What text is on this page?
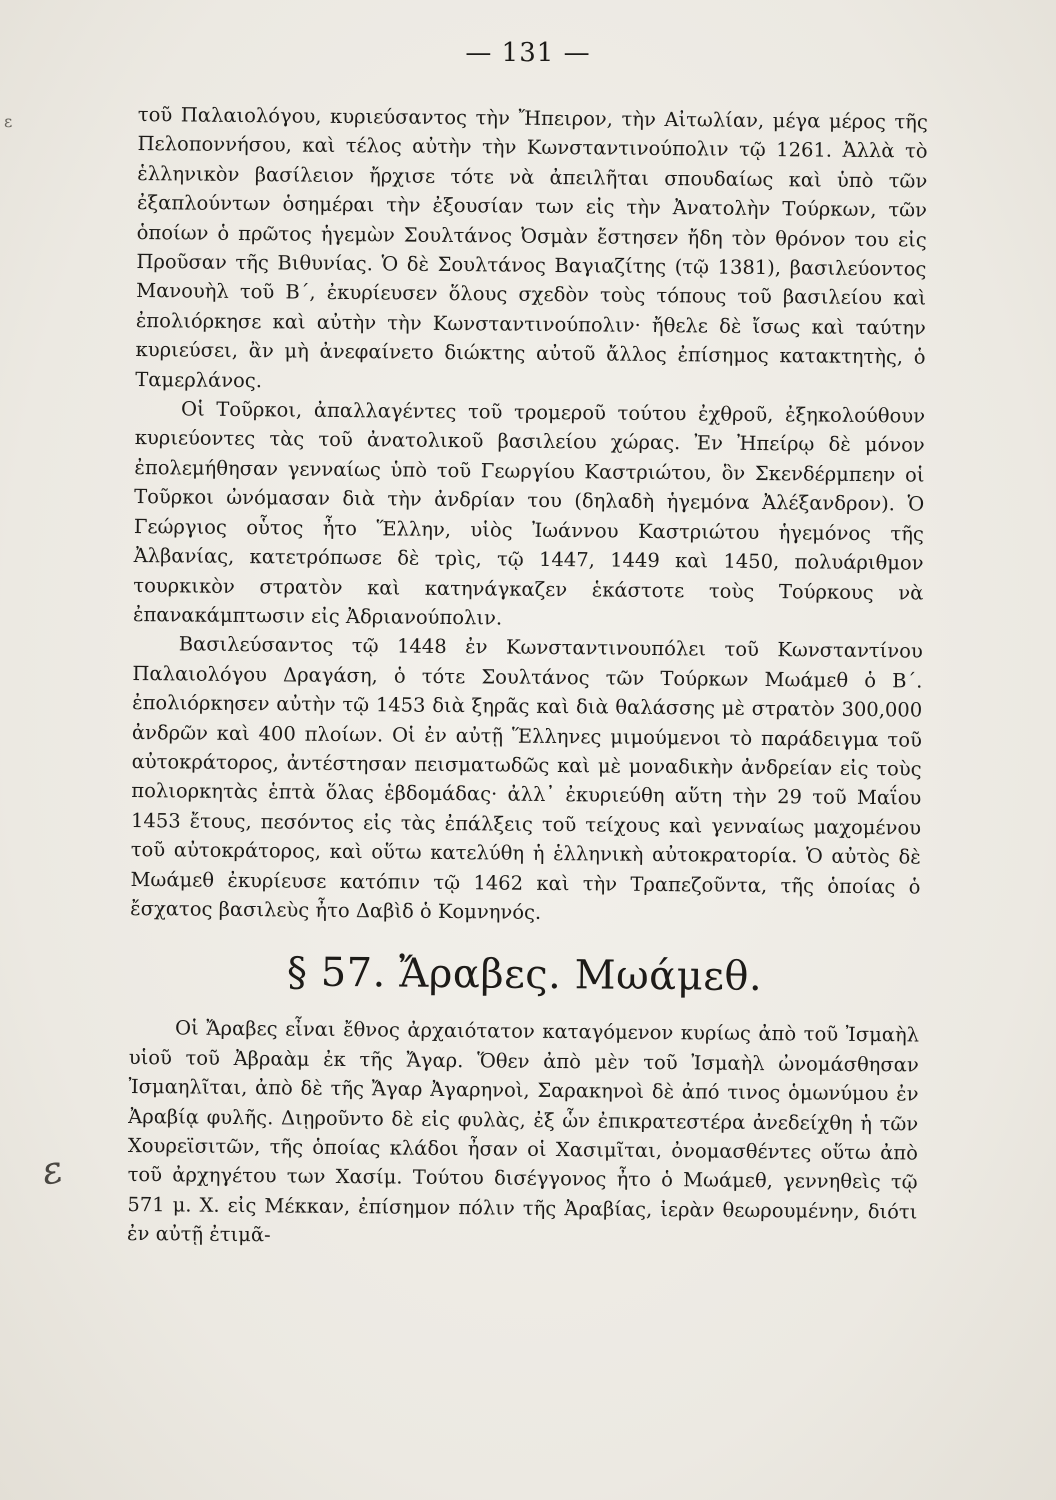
ε
— 131 —

τοῦ Παλαιολόγου, κυριεύσαντος τὴν Ἤπειρον, τὴν Αἰτωλίαν, μέγα μέρος τῆς Πελοποννήσου, καὶ τέλος αὐτὴν τὴν Κωνσταντινούπολιν τῷ 1261. Ἀλλὰ τὸ ἑλληνικὸν βασίλειον ἤρχισε τότε νὰ ἀπειλῆται σπουδαίως καὶ ὑπὸ τῶν ἐξαπλούντων ὁσημέραι τὴν ἐξουσίαν των εἰς τὴν Ἀνατολὴν Τούρκων, τῶν ὁποίων ὁ πρῶτος ἡγεμὼν Σουλτάνος Ὀσμὰν ἔστησεν ἤδη τὸν θρόνον του εἰς Προῦσαν τῆς Βιθυνίας. Ὁ δὲ Σουλτάνος Βαγιαζίτης (τῷ 1381), βασιλεύοντος Μανουὴλ τοῦ Β΄, ἐκυρίευσεν ὅλους σχεδὸν τοὺς τόπους τοῦ βασιλείου καὶ ἐπολιόρκησε καὶ αὐτὴν τὴν Κωνσταντινούπολιν· ἤθελε δὲ ἴσως καὶ ταύτην κυριεύσει, ἂν μὴ ἀνεφαίνετο διώκτης αὐτοῦ ἄλλος ἐπίσημος κατακτητὴς, ὁ Ταμερλάνος.

Οἱ Τοῦρκοι, ἀπαλλαγέντες τοῦ τρομεροῦ τούτου ἐχθροῦ, ἐξηκολούθουν κυριεύοντες τὰς τοῦ ἀνατολικοῦ βασιλείου χώρας. Ἐν Ἠπείρῳ δὲ μόνον ἐπολεμήθησαν γενναίως ὑπὸ τοῦ Γεωργίου Καστριώτου, ὃν Σκενδέρμπεην οἱ Τοῦρκοι ὠνόμασαν διὰ τὴν ἀνδρίαν του (δηλαδὴ ἡγεμόνα Ἀλέξανδρον). Ὁ Γεώργιος οὗτος ἦτο Ἕλλην, υἱὸς Ἰωάννου Καστριώτου ἡγεμόνος τῆς Ἀλβανίας, κατετρόπωσε δὲ τρὶς, τῷ 1447, 1449 καὶ 1450, πολυάριθμον τουρκικὸν στρατὸν καὶ κατηνάγκαζεν ἑκάστοτε τοὺς Τούρκους νὰ ἐπανακάμπτωσιν εἰς Ἀδριανούπολιν.

Βασιλεύσαντος τῷ 1448 ἐν Κωνσταντινουπόλει τοῦ Κωνσταντίνου Παλαιολόγου Δραγάση, ὁ τότε Σουλτάνος τῶν Τούρκων Μωάμεθ ὁ Β΄. ἐπολιόρκησεν αὐτὴν τῷ 1453 διὰ ξηρᾶς καὶ διὰ θαλάσσης μὲ στρατὸν 300,000 ἀνδρῶν καὶ 400 πλοίων. Οἱ ἐν αὐτῇ Ἕλληνες μιμούμενοι τὸ παράδειγμα τοῦ αὐτοκράτορος, ἀντέστησαν πεισματωδῶς καὶ μὲ μοναδικὴν ἀνδρείαν εἰς τοὺς πολιορκητὰς ἑπτὰ ὅλας ἑβδομάδας· ἀλλ᾽ ἐκυριεύθη αὕτη τὴν 29 τοῦ Μαΐου 1453 ἔτους, πεσόντος εἰς τὰς ἐπάλξεις τοῦ τείχους καὶ γενναίως μαχομένου τοῦ αὐτοκράτορος, καὶ οὕτω κατελύθη ἡ ἑλληνικὴ αὐτοκρατορία. Ὁ αὐτὸς δὲ Μωάμεθ ἐκυρίευσε κατόπιν τῷ 1462 καὶ τὴν Τραπεζοῦντα, τῆς ὁποίας ὁ ἔσχατος βασιλεὺς ἦτο Δαβὶδ ὁ Κομνηνός.

§ 57. Ἄραβες. Μωάμεθ.

Οἱ Ἄραβες εἶναι ἔθνος ἀρχαιότατον καταγόμενον κυρίως ἀπὸ τοῦ Ἰσμαὴλ υἱοῦ τοῦ Ἀβραὰμ ἐκ τῆς Ἄγαρ. Ὅθεν ἀπὸ μὲν τοῦ Ἰσμαὴλ ὠνομάσθησαν Ἰσμαηλῖται, ἀπὸ δὲ τῆς Ἄγαρ Ἀγαρηνοὶ, Σαρακηνοὶ δὲ ἀπό τινος ὁμωνύμου ἐν Ἀραβίᾳ φυλῆς. Διῃροῦντο δὲ εἰς φυλὰς, ἐξ ὧν ἐπικρατεστέρα ἀνεδείχθη ἡ τῶν Χουρεϊσιτῶν, τῆς ὁποίας κλάδοι ἦσαν οἱ Χασιμῖται, ὀνομασθέντες οὕτω ἀπὸ τοῦ ἀρχηγέτου των Χασίμ. Τούτου δισέγγονος ἦτο ὁ Μωάμεθ, γεννηθεὶς τῷ 571 μ. Χ. εἰς Μέκκαν, ἐπίσημον πόλιν τῆς Ἀραβίας, ἱερὰν θεωρουμένην, διότι ἐν αὐτῇ ἐτιμᾶ-

ε
